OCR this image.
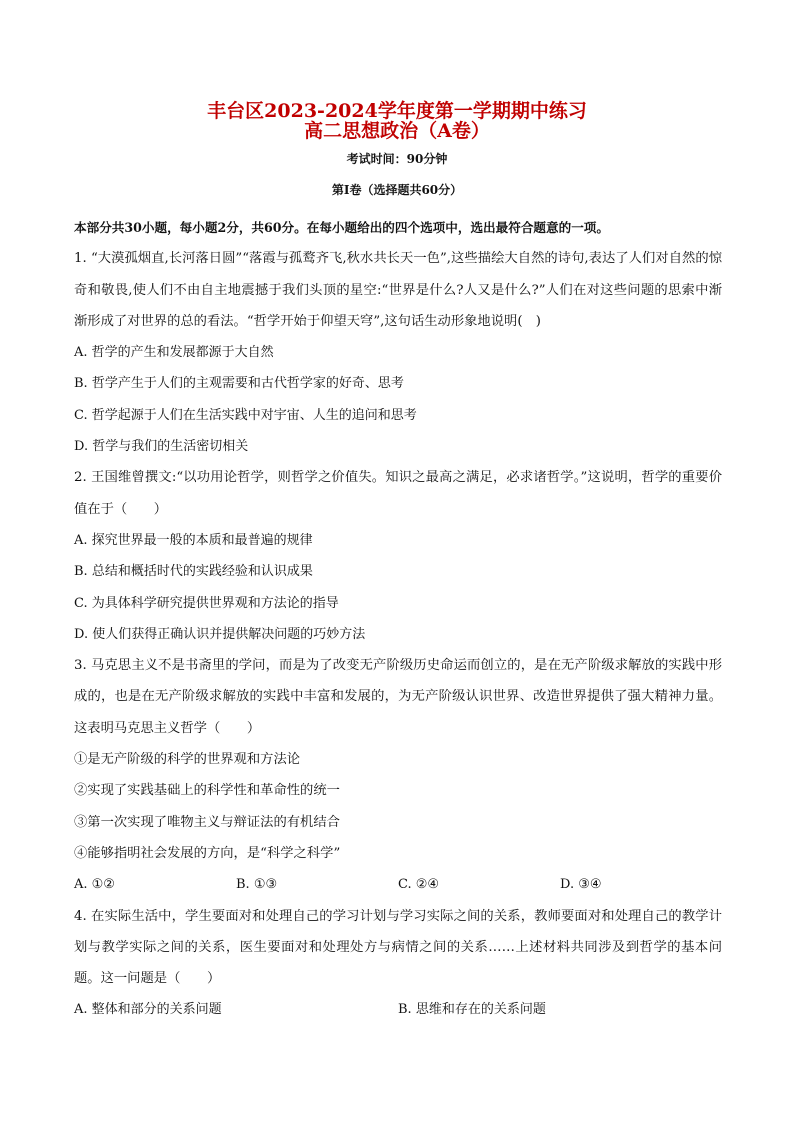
丰台区2023-2024学年度第一学期期中练习
高二思想政治（A卷）
考试时间：90分钟
第Ⅰ卷（选择题共60分）
本部分共30小题，每小题2分，共60分。在每小题给出的四个选项中，选出最符合题意的一项。
1. “大漠孤烟直,长河落日圆”“落霞与孤鹜齐飞,秋水共长天一色”,这些描绘大自然的诗句,表达了人们对自然的惊奇和敬畏,使人们不由自主地震撼于我们头顶的星空:“世界是什么?人又是什么?”人们在对这些问题的思索中渐渐形成了对世界的总的看法。“哲学开始于仰望天穹”,这句话生动形象地说明(　)
A. 哲学的产生和发展都源于大自然
B. 哲学产生于人们的主观需要和古代哲学家的好奇、思考
C. 哲学起源于人们在生活实践中对宇宙、人生的追问和思考
D. 哲学与我们的生活密切相关
2. 王国维曾撰文:“以功用论哲学，则哲学之价值失。知识之最高之满足，必求诸哲学。”这说明，哲学的重要价值在于（　　）
A. 探究世界最一般的本质和最普遍的规律
B. 总结和概括时代的实践经验和认识成果
C. 为具体科学研究提供世界观和方法论的指导
D. 使人们获得正确认识并提供解决问题的巧妙方法
3. 马克思主义不是书斋里的学问，而是为了改变无产阶级历史命运而创立的，是在无产阶级求解放的实践中形成的，也是在无产阶级求解放的实践中丰富和发展的，为无产阶级认识世界、改造世界提供了强大精神力量。这表明马克思主义哲学（　　）
①是无产阶级的科学的世界观和方法论
②实现了实践基础上的科学性和革命性的统一
③第一次实现了唯物主义与辩证法的有机结合
④能够指明社会发展的方向，是“科学之科学”
A. ①②	B. ①③	C. ②④	D. ③④
4. 在实际生活中，学生要面对和处理自己的学习计划与学习实际之间的关系，教师要面对和处理自己的教学计划与教学实际之间的关系，医生要面对和处理处方与病情之间的关系……上述材料共同涉及到哲学的基本问题。这一问题是（　　）
A. 整体和部分的关系问题	B. 思维和存在的关系问题
